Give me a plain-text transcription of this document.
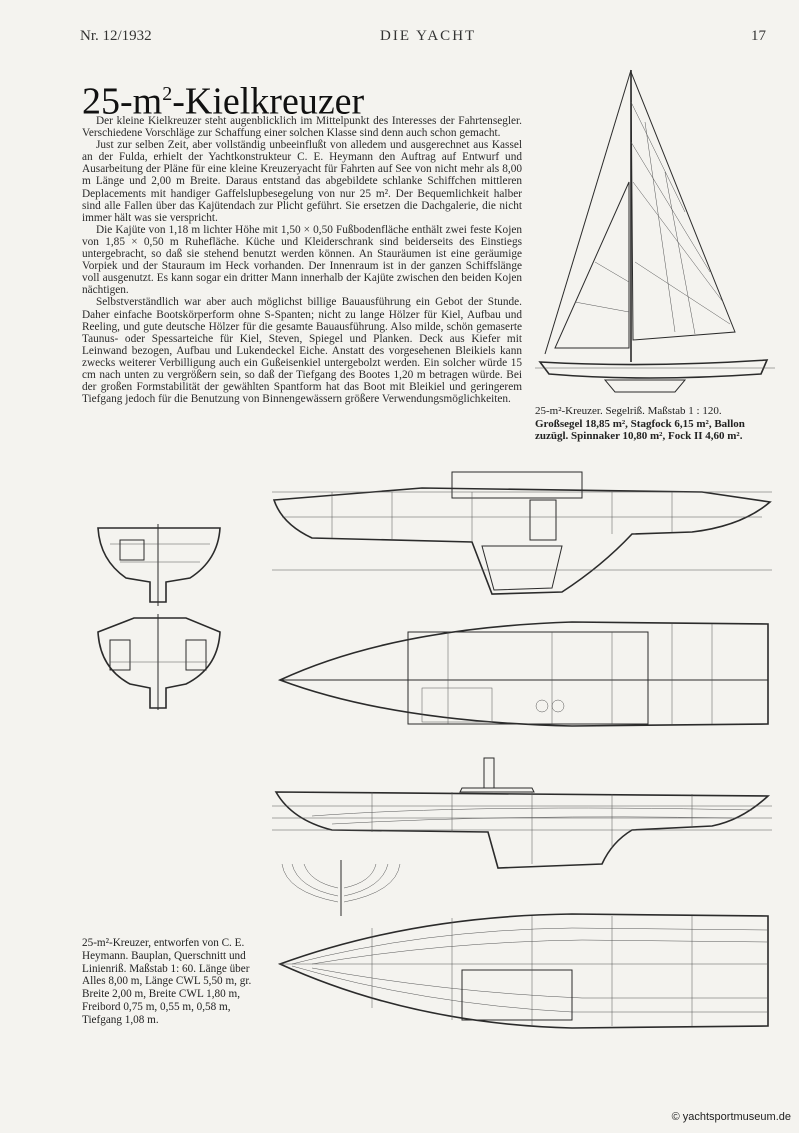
Nr. 12/1932	DIE YACHT	17
$25-m^2$-Kielkreuzer

Der kleine Kielkreuzer steht augenblicklich im Mittelpunkt des Interesses der Fahrtensegler. Verschiedene Vorschläge zur Schaffung einer solchen Klasse sind denn auch schon gemacht.

Just zur selben Zeit, aber vollständig unbeeinflußt von alledem und ausgerechnet aus Kassel an der Fulda, erhielt der Yachtkonstrukteur C. E. Heymann den Auftrag auf Entwurf und Ausarbeitung der Pläne für eine kleine Kreuzeryacht für Fahrten auf See von nicht mehr als 8,00 m Länge und 2,00 m Breite. Daraus entstand das abgebildete schlanke Schiffchen mittleren Deplacements mit handiger Gaffelslupbesegelung von nur 25 m². Der Bequemlichkeit halber sind alle Fallen über das Kajütendach zur Plicht geführt. Sie ersetzen die Dachgalerie, die nicht immer hält was sie verspricht.

Die Kajüte von 1,18 m lichter Höhe mit 1,50 × 0,50 Fußbodenfläche enthält zwei feste Kojen von 1,85 × 0,50 m Ruhefläche. Küche und Kleiderschrank sind beiderseits des Einstiegs untergebracht, so daß sie stehend benutzt werden können. An Stauräumen ist eine geräumige Vorpiek und der Stauraum im Heck vorhanden. Der Innenraum ist in der ganzen Schiffslänge voll ausgenutzt. Es kann sogar ein dritter Mann innerhalb der Kajüte zwischen den beiden Kojen nächtigen.

Selbstverständlich war aber auch möglichst billige Bauausführung ein Gebot der Stunde. Daher einfache Bootskörperform ohne S-Spanten; nicht zu lange Hölzer für Kiel, Aufbau und Reeling, und gute deutsche Hölzer für die gesamte Bauausführung. Also milde, schön gemaserte Taunus- oder Spessarteiche für Kiel, Steven, Spiegel und Planken. Deck aus Kiefer mit Leinwand bezogen, Aufbau und Lukendeckel Eiche. Anstatt des vorgesehenen Bleikiels kann zwecks weiterer Verbilligung auch ein Gußeisenkiel untergebolzt werden. Ein solcher würde 15 cm nach unten zu vergrößern sein, so daß der Tiefgang des Bootes 1,20 m betragen würde. Bei der großen Formstabilität der gewählten Spantform hat das Boot mit Bleikiel und geringerem Tiefgang jedoch für die Benutzung von Binnengewässern größere Verwendungsmöglichkeiten.

25-m²-Kreuzer. Segelriß. Maßstab 1 : 120.
Großsegel 18,85 m², Stagfock 6,15 m², Ballon
zuzügl. Spinnaker 10,80 m², Fock II 4,60 m².
25-m²-Kreuzer, entworfen von C. E. Heymann. Bauplan, Querschnitt und Linienriß. Maßstab 1: 60. Länge über Alles 8,00 m, Länge CWL 5,50 m, gr. Breite 2,00 m, Breite CWL 1,80 m, Freibord 0,75 m, 0,55 m, 0,58 m, Tiefgang 1,08 m.
© yachtsportmuseum.de
